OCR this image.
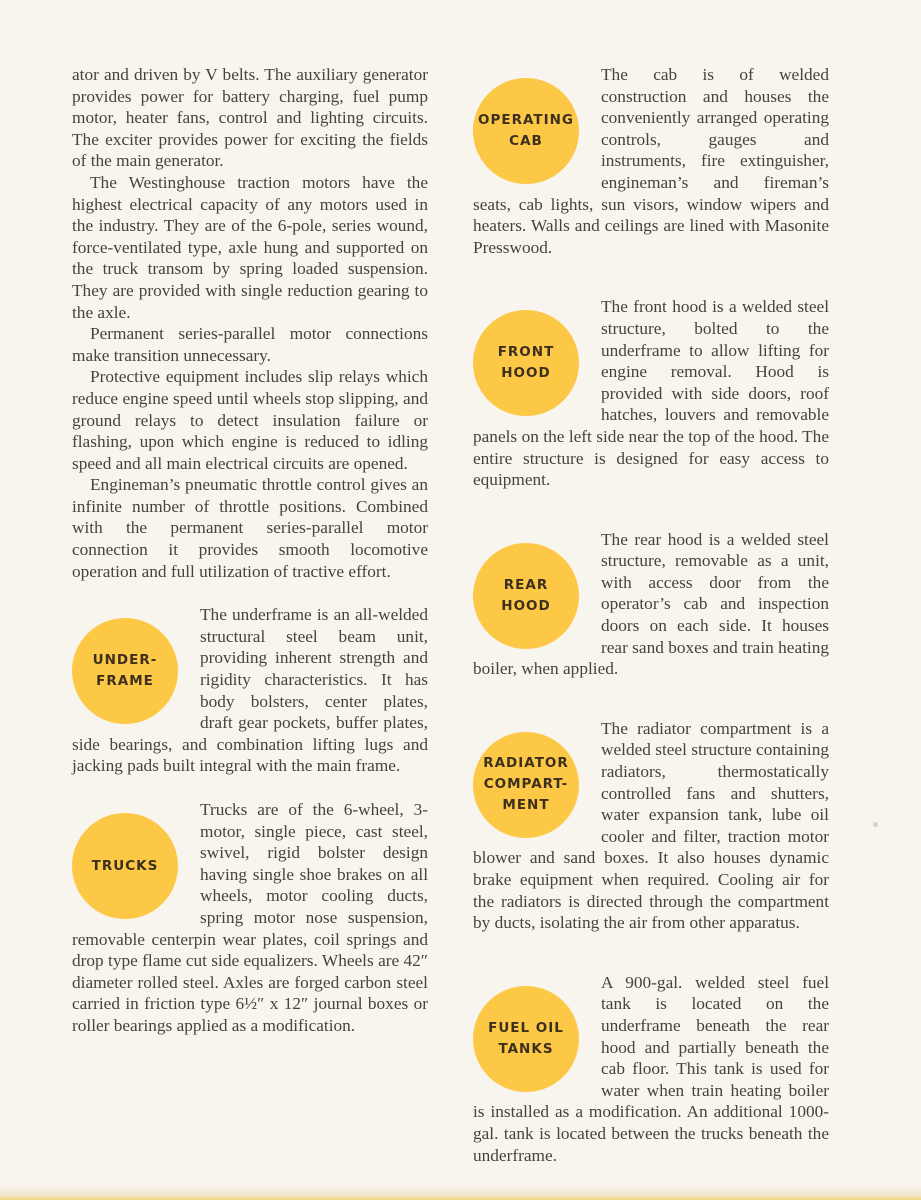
ator and driven by V belts. The auxiliary generator provides power for battery charging, fuel pump motor, heater fans, control and lighting circuits. The exciter provides power for exciting the fields of the main generator.

The Westinghouse traction motors have the highest electrical capacity of any motors used in the industry. They are of the 6-pole, series wound, force-ventilated type, axle hung and supported on the truck transom by spring loaded suspension. They are provided with single reduction gearing to the axle.

Permanent series-parallel motor connections make transition unnecessary.

Protective equipment includes slip relays which reduce engine speed until wheels stop slipping, and ground relays to detect insulation failure or flashing, upon which engine is reduced to idling speed and all main electrical circuits are opened.

Engineman’s pneumatic throttle control gives an infinite number of throttle positions. Combined with the permanent series-parallel motor connection it provides smooth locomotive operation and full utilization of tractive effort.

UNDER-
FRAME

The underframe is an all-welded structural steel beam unit, providing inherent strength and rigidity characteristics. It has body bolsters, center plates, draft gear pockets, buffer plates, side bearings, and combination lifting lugs and jacking pads built integral with the main frame.

TRUCKS

Trucks are of the 6-wheel, 3-motor, single piece, cast steel, swivel, rigid bolster design having single shoe brakes on all wheels, motor cooling ducts, spring motor nose suspension, removable centerpin wear plates, coil springs and drop type flame cut side equalizers. Wheels are 42″ diameter rolled steel. Axles are forged carbon steel carried in friction type 6½″ x 12″ journal boxes or roller bearings applied as a modification.

OPERATING
CAB

The cab is of welded construction and houses the conveniently arranged operating controls, gauges and instruments, fire extinguisher, engineman’s and fireman’s seats, cab lights, sun visors, window wipers and heaters. Walls and ceilings are lined with Masonite Presswood.

FRONT
HOOD

The front hood is a welded steel structure, bolted to the underframe to allow lifting for engine removal. Hood is provided with side doors, roof hatches, louvers and removable panels on the left side near the top of the hood. The entire structure is designed for easy access to equipment.

REAR
HOOD

The rear hood is a welded steel structure, removable as a unit, with access door from the operator’s cab and inspection doors on each side. It houses rear sand boxes and train heating boiler, when applied.

RADIATOR
COMPART-
MENT

The radiator compartment is a welded steel structure containing radiators, thermostatically controlled fans and shutters, water expansion tank, lube oil cooler and filter, traction motor blower and sand boxes. It also houses dynamic brake equipment when required. Cooling air for the radiators is directed through the compartment by ducts, isolating the air from other apparatus.

FUEL OIL
TANKS

A 900-gal. welded steel fuel tank is located on the underframe beneath the rear hood and partially beneath the cab floor. This tank is used for water when train heating boiler is installed as a modification. An additional 1000-gal. tank is located between the trucks beneath the underframe.
